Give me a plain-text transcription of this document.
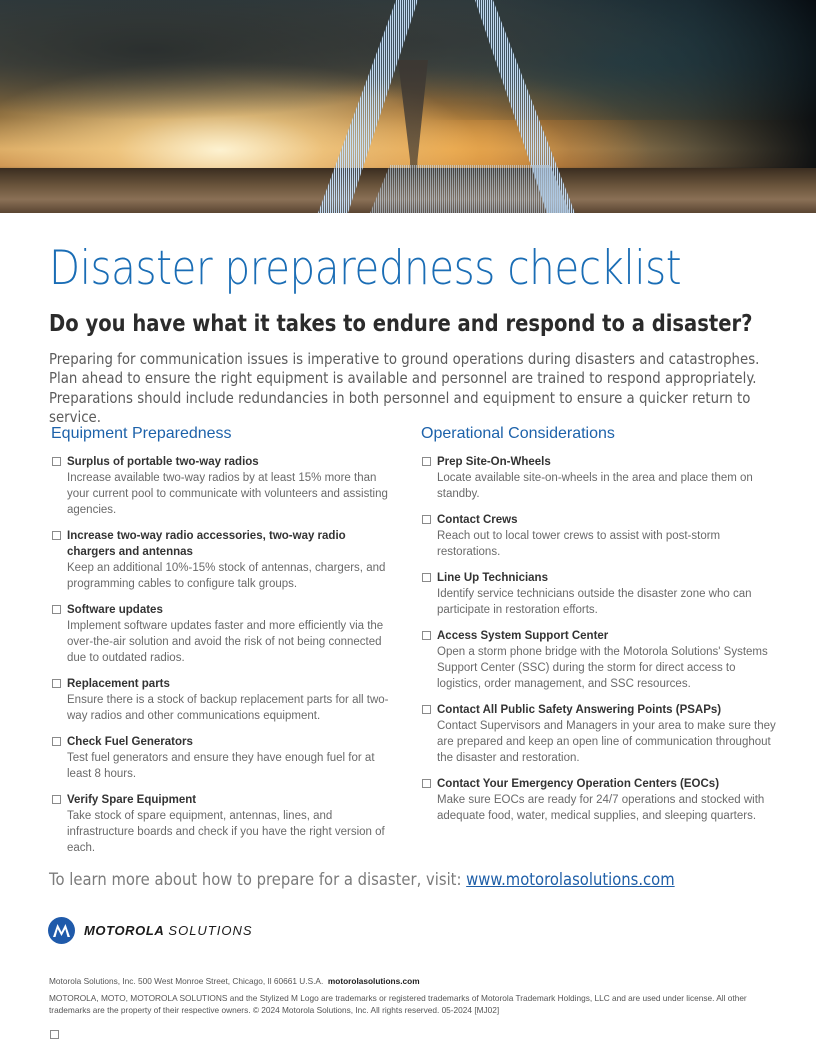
Disaster preparedness checklist
Do you have what it takes to endure and respond to a disaster?

Preparing for communication issues is imperative to ground operations during disasters and catastrophes. Plan ahead to ensure the right equipment is available and personnel are trained to respond appropriately. Preparations should include redundancies in both personnel and equipment to ensure a quicker return to service.

Equipment Preparedness
Surplus of portable two-way radios
Increase available two-way radios by at least 15% more than your current pool to communicate with volunteers and assisting agencies.
Increase two-way radio accessories, two-way radio chargers and antennas
Keep an additional 10%-15% stock of antennas, chargers, and programming cables to configure talk groups.
Software updates
Implement software updates faster and more efficiently via the over-the-air solution and avoid the risk of not being connected due to outdated radios.
Replacement parts
Ensure there is a stock of backup replacement parts for all two-way radios and other communications equipment.
Check Fuel Generators
Test fuel generators and ensure they have enough fuel for at least 8 hours.
Verify Spare Equipment
Take stock of spare equipment, antennas, lines, and infrastructure boards and check if you have the right version of each.
Operational Considerations
Prep Site-On-Wheels
Locate available site-on-wheels in the area and place them on standby.
Contact Crews
Reach out to local tower crews to assist with post-storm restorations.
Line Up Technicians
Identify service technicians outside the disaster zone who can participate in restoration efforts.
Access System Support Center
Open a storm phone bridge with the Motorola Solutions' Systems Support Center (SSC) during the storm for direct access to logistics, order management, and SSC resources.
Contact All Public Safety Answering Points (PSAPs)
Contact Supervisors and Managers in your area to make sure they are prepared and keep an open line of communication throughout the disaster and restoration.
Contact Your Emergency Operation Centers (EOCs)
Make sure EOCs are ready for 24/7 operations and stocked with adequate food, water, medical supplies, and sleeping quarters.
To learn more about how to prepare for a disaster, visit: www.motorolasolutions.com
MOTOROLA SOLUTIONS
Motorola Solutions, Inc. 500 West Monroe Street, Chicago, Il 60661 U.S.A. motorolasolutions.com
MOTOROLA, MOTO, MOTOROLA SOLUTIONS and the Stylized M Logo are trademarks or registered trademarks of Motorola Trademark Holdings, LLC and are used under license. All other trademarks are the property of their respective owners. © 2024 Motorola Solutions, Inc. All rights reserved. 05-2024 [MJ02]
